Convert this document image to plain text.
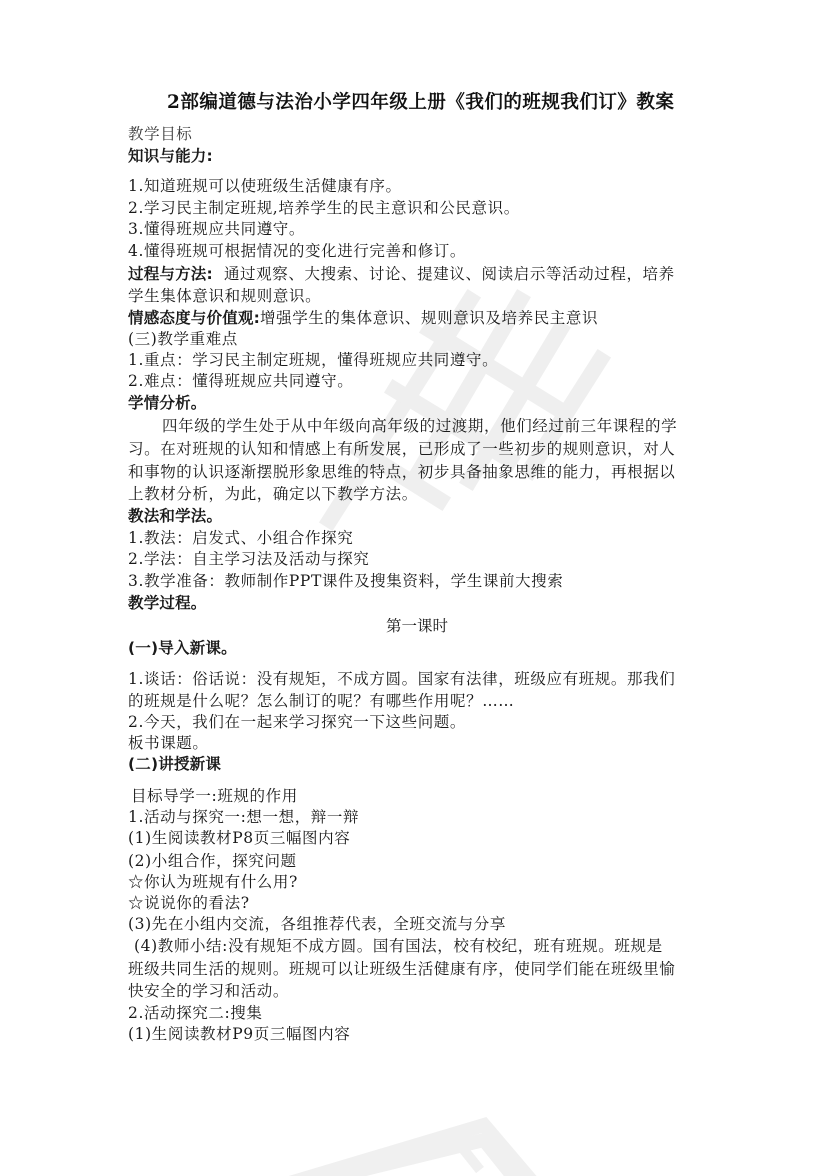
2部编道德与法治小学四年级上册《我们的班规我们订》教案
教学目标
知识与能力:
1.知道班规可以使班级生活健康有序。
2.学习民主制定班规,培养学生的民主意识和公民意识。
3.懂得班规应共同遵守。
4.懂得班规可根据情况的变化进行完善和修订。
过程与方法:  通过观察、大搜索、讨论、提建议、阅读启示等活动过程，培养
学生集体意识和规则意识。
情感态度与价值观:增强学生的集体意识、规则意识及培养民主意识
(三)教学重难点
1.重点：学习民主制定班规，懂得班规应共同遵守。
2.难点：懂得班规应共同遵守。
学情分析。
四年级的学生处于从中年级向高年级的过渡期，他们经过前三年课程的学
习。在对班规的认知和情感上有所发展，已形成了一些初步的规则意识，对人
和事物的认识逐渐摆脱形象思维的特点，初步具备抽象思维的能力，再根据以
上教材分析，为此，确定以下教学方法。
教法和学法。
1.教法：启发式、小组合作探究
2.学法：自主学习法及活动与探究
3.教学准备：教师制作PPT课件及搜集资料，学生课前大搜索
教学过程。
第一课时
(一)导入新课。
1.谈话：俗话说：没有规矩，不成方圆。国家有法律，班级应有班规。那我们
的班规是什么呢？怎么制订的呢？有哪些作用呢？……
2.今天，我们在一起来学习探究一下这些问题。
板书课题。
(二)讲授新课
目标导学一:班规的作用
1.活动与探究一:想一想，辩一辩
(1)生阅读教材P8页三幅图内容
(2)小组合作，探究问题
☆你认为班规有什么用?
☆说说你的看法?
(3)先在小组内交流，各组推荐代表，全班交流与分享
(4)教师小结:没有规矩不成方圆。国有国法，校有校纪，班有班规。班规是
班级共同生活的规则。班规可以让班级生活健康有序，使同学们能在班级里愉
快安全的学习和活动。
2.活动探究二:搜集
(1)生阅读教材P9页三幅图内容
